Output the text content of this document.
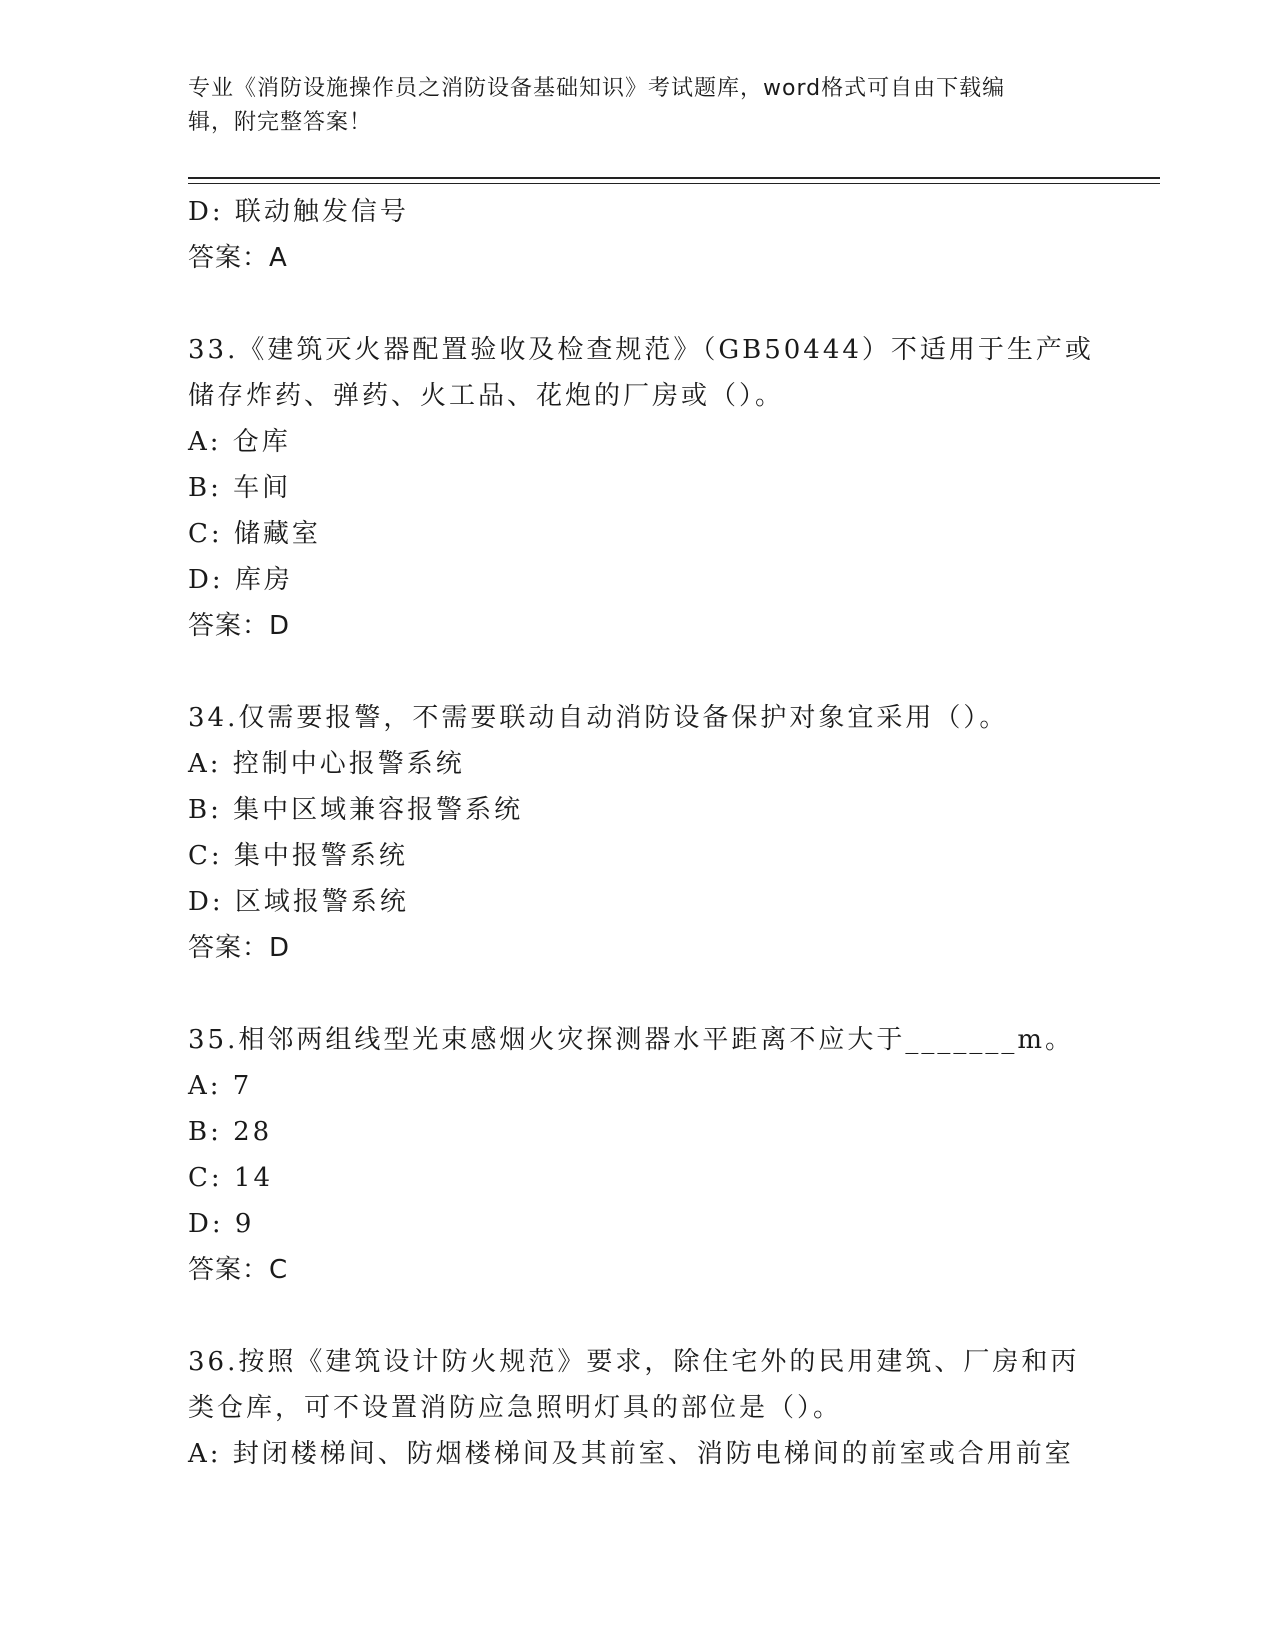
专业《消防设施操作员之消防设备基础知识》考试题库，word格式可自由下载编
辑，附完整答案！
D: 联动触发信号
答案：A
33.《建筑灭火器配置验收及检查规范》（GB50444）不适用于生产或
储存炸药、弹药、火工品、花炮的厂房或（）。
A: 仓库
B: 车间
C: 储藏室
D: 库房
答案：D
34.仅需要报警，不需要联动自动消防设备保护对象宜采用（）。
A: 控制中心报警系统
B: 集中区域兼容报警系统
C: 集中报警系统
D: 区域报警系统
答案：D
35.相邻两组线型光束感烟火灾探测器水平距离不应大于_______m。
A: 7
B: 28
C: 14
D: 9
答案：C
36.按照《建筑设计防火规范》要求，除住宅外的民用建筑、厂房和丙
类仓库，可不设置消防应急照明灯具的部位是（）。
A: 封闭楼梯间、防烟楼梯间及其前室、消防电梯间的前室或合用前室
